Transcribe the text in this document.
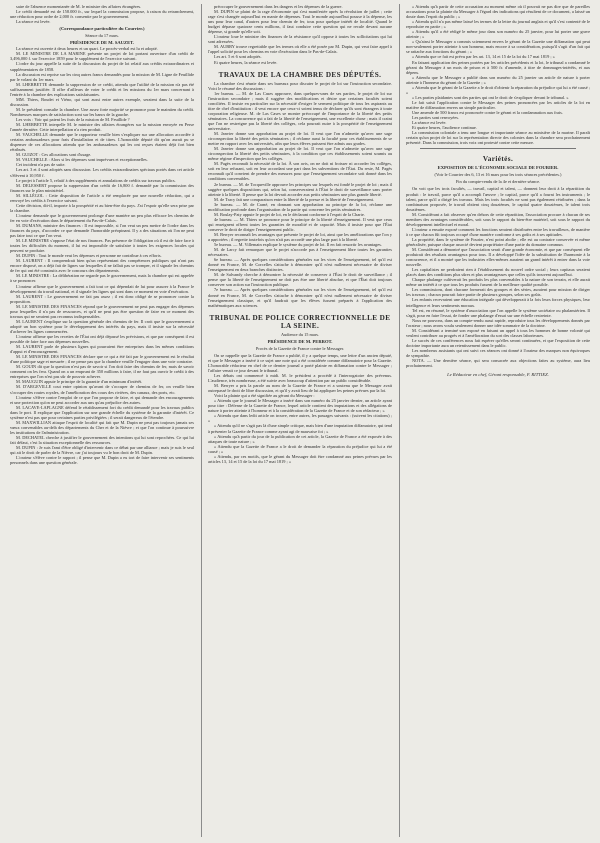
saire de l'absence momentanée de M. le ministre des affaires étrangères.

Le crédit demandé est de 158.000 fr., sur lequel la commission propose, à raison du retranchement, une réduction pour ordre de 2,000 fr. consentie par le gouvernement.

La séance est levée.

(Correspondance particulière du Courrier.)

Séance du 17 mars.

PRÉSIDENCE DE M. SAUZET.

La séance est ouverte à deux heures et un quart. Le procès-verbal est lu et adopté.

M. LE MINISTRE DE LA MARINE présente un projet de loi portant ouverture d'un crédit de 3,496,000 f. sur l'exercice 1859 pour le supplément de l'exercice suivant.

L'ordre du jour appelle la suite de la discussion du projet de loi relatif aux crédits extraordinaires et supplémentaires de 1858.

La discussion est reprise sur les cinq autres francs demandés pour la mission de M. Ligne de Feuillide par le volant du 1er mars.

M. LHERBETTE demande la suppression de ce crédit, attendu que l'utilité de la mission n'a pas été suffisamment justifiée. Il offre d'ailleurs de voter le crédit et les missions du 1er mars concernant à l'entrée à la chambre des explications satisfaisantes.

MM. Thiers, Boudet et Viéno, qui sont aussi entre autres exemple, seraient dans la suite de la discussion.

M. le président consulte la chambre. Une assez forte majorité se prononce pour le maintien du crédit. Nombreuses marques de satisfaction sont sur les bancs de la gauche.

Les voix : Voir qui paient les frais de la mission de M. Feuillide ?

M. LHERBETTE interpelle M. le ministre des affaires étrangères sur la mission envoyée en Perse l'année dernière. Cette interpellation n'a rien produit.

M. VAUCHELLE demande que le rapporteur veuille bien s'expliquer sur une allocation accordée à certains ambassadeurs pour frais d'installation et de titres. L'honorable député dit qu'on aurait pu se dispenser de ces allocations attendu que les ambassadeurs qui les ont reçues étaient déjà fort bien rétribués.

M. GUIZOT : Ces allocations sont d'usage.

M. VAUCHELLE : Alors si les dépenses sont imprévues et exceptionnelles.

Cet incident n'a pas de suite.

Les art. 3 et 4 sont adoptés sans discussion. Les crédits extraordinaires spéciaux portés dans cet article s'élèvent à 10,950 f.

Le projet à l'article 5, relatif à des suppléments et annulations de crédits sur travaux publics.

M. DELESSERT propose la suppression d'un crédit de 16,800 f. demandé par la commission des finances sur le plan ministériel.

M. SILLÉGOL : Cette disposition de l'article a été remplacée par une nouvelle rédaction, qui a renvoyé les crédits à l'exercice suivant.

Cette décision, dit-il, importe à la prospérité et au bien-être du pays. J'ai l'espoir qu'elle sera prise par la chambre.

L'orateur demande que le gouvernement prolonge d'une manière un peu plus efficace les chemins de fer en voie d'exécution dans le département du Pas-de-Calais.

M. DUMANS, ministre des finances : Il est impossible, si l'on veut un peu mettre de l'ordre dans les finances du pays, d'accorder ce que demande l'honorable préopinant. Il y a des situations où l'on ne peut pas faire tout ce que l'on veut.

M. LE MINISTRE s'oppose l'état de nos finances. Pas présence de l'obligation où il est de faire face à toutes les difficultés du moment, il lui est impossible de satisfaire à toutes les exigences locales qui peuvent se produire.

M. DUPIN : Tout le monde veut les dépenses et personne ne contribue à ces efforts.

M. LAURENT : Il comprendrait bien qu'un représentant des compétences publiques qui n'ont pas encore disposé, on a déjà fait de lignes sur lesquelles il ne fallait pas se tromper, et il signale les chemins de fer qui ont été construits avec le concours des départements.

M. LE MINISTRE : La délibération ne regarde pas le gouvernement, mais la chambre qui est appelée à se prononcer.

L'orateur affirme que le gouvernement a fait tout ce qui dépendait de lui pour assurer à la France le développement du travail national, et il signale les lignes qui sont dans ce moment en voie d'exécution.

M. LAURENT : Le gouvernement ne fait pas assez ; il est donc obligé de se prononcer contre la proposition.

M. LE MINISTRE DES FINANCES répond que le gouvernement ne peut pas engager des dépenses pour lesquelles il n'a pas de ressources, et qu'il ne peut pas être question de faire en ce moment des travaux qui ne seraient pas reconnus indispensables.

M. LAURENT s'explique sur la question générale des chemins de fer. Il croit que le gouvernement a adopté un bon système pour le développement des intérêts du pays, mais il insiste sur la nécessité d'achever les lignes commencées.

L'orateur affirme que les recettes de l'État ont déjà dépassé les prévisions, et que par conséquent il est possible de faire face aux dépenses nouvelles.

M. LAURENT parle de plusieurs lignes qui pourraient être entreprises dans les mêmes conditions d'appui et d'encouragement.

M. LE MINISTRE DES FINANCES déclare que ce qui a été fait par le gouvernement est le résultat d'une politique sage et mesurée ; il ne pense pas que la chambre veuille l'engager dans une voie contraire.

M. GOUIN dit que la question n'est pas de savoir si l'on doit faire des chemins de fer, mais de savoir comment on les fera. Quand on a un emprunt de 350 millions à faire, il ne faut pas ouvrir le crédit à des entreprises que l'on n'est pas sûr de pouvoir achever.

M. MAUGUIN appuie le principe de la garantie d'un minimum d'intérêt.

M. D'ARGEVILLE cout entre opinion qu'avant de s'occuper de chemins de fer, on veuille bien s'occuper des routes royales, de l'amélioration des cours des rivières, des canaux, des ports, etc.

L'orateur s'élève contre l'emploi de ce que l'on propose de faire, et qui demande des encouragements et une protection qu'on ne peut accorder aux uns qu'au préjudice des autres.

M. LACAVE-LAPLAGNE défend le rétablissement fort du crédit demandé pour les travaux publics dans le port. Il explique que l'application sur une grande échelle du système de la garantie d'intérêt. Ce système n'est pas que pour certaines parties privilégiées ; il serait dangereux de l'étendre.

M. MAXWILLIAN attaque l'esprit de localité qui fait que M. Dupin ne peut pas toujours jamais ses vœux convenables au-delà des départements du Cher et de la Nièvre ; et que l'on continue à poursuivre les institutions de l'administration.

M. DECHATEL cherche à justifier le gouvernement des intentions qui lui sont reprochées. Ce qui lui fait défaut, c'est la situation exceptionnelle des ressources.

M. DUPIN : Je suis l'ami d'être obligé d'intervenir dans ce débat par une alliance ; mais je suis le seul qui ait le droit de parler de la Nièvre, car j'ai toujours vu le bon droit de M. Dupin.

L'orateur s'élève contre le rapport ; il pense que M. Dupin a eu tort de faire intervenir ses sentiments personnels dans une question générale.

préoccuper le gouvernement dans les dangers et les dépenses de la guerre.

M. DUPIN se plaint de la rage d'économie qui s'est manifestée après la révolution de juillet ; cette rage s'est changée aujourd'hui en manie de dépenses. Tout le monde aujourd'hui pousse à la dépense, les uns pour leur canal, d'autres pour leur chemin de fer, tous pour quelque intérêt de localité. Quand le budget dépasse quatorze cents millions, il faut conduire cette question qui ne recule devant aucune dépense, si grande qu'elle soit.

L'orateur loue le ministre des finances de la résistance qu'il oppose à toutes les sollicitations qui lui sont adressées.

M. AUBRY trouve regrettable que les termes où elle a été posée par M. Dupin, qui veut faire appel à l'appel solicité pour les chemins en voie d'exécution dans le Pas-de-Calais.

Les art. 5 et 6 sont adoptés.

Et quatre heures, la séance est levée.

TRAVAUX DE LA CHAMBRE DES DÉPUTÉS.

La chambre s'est réunie dans ses bureaux pour discuter le projet de loi sur l'instruction secondaire. Voici le résumé des discussions :

1er bureau. — M. de Las Cases approuve, dans quelques-unes de ses parties, le projet de loi sur l'instruction secondaire ; mais il suggère des modifications et désire que certaines facultés soient conciliées. Il insiste en particulier sur la nécessité d'exiger le serment politique de tous les aspirants au titre de chef d'institution : il veut encore que ceux-ci soient tenus de déclarer qu'ils sont étrangers à toute corporation religieuse. M. de Las Cases se montre préoccupé de l'importance de la liberté des petits séminaires. La concurrence qui a fait de la liberté de l'enseignement, une excellente chose ; mais il craint que l'on ne restreigne pas la liberté des collèges, cela pourrait nuire à la prospérité de l'enseignement universitaire.

M. Janvier donne son approbation au projet de loi. Il veut que l'on n'admette qu'avec une sage circonspection la liberté des petits séminaires ; il réclame aussi la faculté pour ces établissements de se mettre en rapport avec les universités, afin que leurs élèves puissent être admis aux grades.

M. Janvier donne son approbation au projet de loi. Il veut que l'on n'admette qu'avec une sage circonspection la liberté des petits séminaires, à la condition que ces établissements soient soumis au même régime d'inspection que les collèges.

M. Pagès reconnaît la nécessité de la loi. À son avis, on ne doit ni froisser ni accorder les collèges, soit en leur refusant, soit en leur accordant une part dans les subventions de l'État. Du reste, M. Pagès reconnaît qu'il convient de prendre des mesures pour que l'enseignement secondaire soit donné dans les conditions convenables.

2e bureau. — M. de Tocqueville approuve les principes sur lesquels est fondé le projet de loi ; mais il suggère quelques dispositions qui, selon lui, conserveraient à l'État le droit de surveillance sans porter atteinte à la liberté. Il pense que la loi devrait accorder aux petits séminaires une plus grande liberté.

M. de Tracy fait une comparaison entre la liberté de la presse et la liberté de l'enseignement.

3e bureau. — M. de Carné, en donnant son approbation au principe de la loi, réclame une modification profonde dans l'organisation de la partie qui concerne les petits séminaires.

M. Boulay-Paty appuie le projet de loi, en le déclarant conforme à l'esprit de la Charte.

4e bureau. — M. Thiers se prononce pour le principe de la liberté d'enseignement. Il veut que ceux qui enseignent offrent toutes les garanties de moralité et de capacité. Mais il insiste pour que l'État conserve le droit de diriger l'enseignement public.

M. Berryer reconnaît les avantages que présente le projet de loi, ainsi que les améliorations que l'on y a apportées ; il regrette toutefois qu'on n'ait pas accordé une plus large part à la liberté.

5e bureau. — M. Villemain explique le système du projet de loi. Il en fait ressortir les avantages.

M. de Larcy fait remarquer que le projet n'accorde pas à l'enseignement libre toutes les garanties nécessaires.

6e bureau. — Après quelques considérations générales sur les vices de l'enseignement, tel qu'il est donné en France, M. de Corcelles s'attache à démontrer qu'il n'est nullement nécessaire de diviser l'enseignement en deux branches distinctes.

M. de Salvandy cherche à démontrer la nécessité de conserver à l'État le droit de surveillance ; il pense que la liberté de l'enseignement ne doit pas être une liberté absolue, et que l'État doit toujours conserver son action sur l'instruction publique.

7e bureau. — Après quelques considérations générales sur les vices de l'enseignement, tel qu'il est donné en France, M. de Corcelles s'attache à démontrer qu'il n'est nullement nécessaire de diviser l'enseignement classique, et qu'il faudrait que les élèves fussent préparés à l'application des mathématiques aux sciences.

TRIBUNAL DE POLICE CORRECTIONNELLE DE LA SEINE.

Audience du 15 mars.

PRÉSIDENCE DE M. PERROT.

Procès de la Gazette de France contre le Messager.

On se rappelle que la Gazette de France a publié, il y a quelque temps, une lettre d'un ancien député, et que le Messager a inséré à ce sujet une note qui a été considérée comme diffamatoire pour la Gazette. L'honorable rédacteur en chef de ce dernier journal a porté plainte en diffamation contre le Messager ; l'affaire venait ce jour devant le tribunal.

Les débats ont commencé à midi. M. le président a procédé à l'interrogatoire des prévenus. L'audience, très nombreuse, a été suivie avec beaucoup d'attention par un public considérable.

M. Berryer a pris la parole au nom de la Gazette de France et a soutenu que le Messager avait outrepassé le droit de libre discussion, et qu'il y avait lieu de lui appliquer les peines prévues par la loi.

Voici la plainte qui a été signifiée au gérant du Messager :

« Attendu que le journal le Messager a inséré dans son numéro du 25 janvier dernier, un article ayant pour titre : Défense de la Gazette de France, lequel article contient des imputations et des allégations de nature à porter atteinte à l'honneur et à la considération de la Gazette de France et de son rédacteur ; »

« Attendu que dans ledit article on trouve, entre autres, les passages suivants : (suivent les citations) ; »

« Attendu qu'il ne s'agit pas là d'une simple critique, mais bien d'une imputation diffamatoire, qui tend à présenter la Gazette de France comme ayant agi de mauvaise foi ; »

« Attendu qu'à partir du jour de la publication de cet article, la Gazette de France a été exposée à des attaques de toute nature ; »

« Attendu que la Gazette de France a le droit de demander la réparation du préjudice qui lui a été causé ; »

« Attendu, par ces motifs, que le gérant du Messager doit être condamné aux peines prévues par les articles 13, 14 et 15 de la loi du 17 mai 1819 ; »

« Attendu qu'à partir de cette accusation au moment même où il pouvait ne pas dire que de pareilles accusations pour la plainte du Messager à l'égard des indications qui résultent de ce document, a laissé un doute dans l'esprit du public ; »

« Attendu qu'il n'a pas même laissé les termes de la lettre du journal anglais et qu'il s'est contenté de le reproduire en partie ; »

« Attendu qu'il a été rédigé le même jour dans son numéro du 25 janvier, pour lui porter une grave atteinte ; »

« Qu'ainsi le Messager a commis sciemment envers le gérant de la Gazette une diffamation qui peut non-seulement porter atteinte à son honneur, mais encore à sa considération, puisqu'il s'agit d'un fait qui se rattache aux fonctions du gérant ; »

« Attendu que ce fait est prévu par les art. 13, 14 et 15 de la loi du 17 mai 1819 ; »

En faisant application des peines portées par les articles précédents et la loi, le tribunal a condamné le gérant du Messager à un mois de prison et à 500 fr. d'amende, à titre de dommages-intérêts, et aux dépens.

« Attendu que le Messager a publié dans son numéro du 25 janvier un article de nature à porter atteinte à l'honneur du gérant de la Gazette ; »

« Attendu que le gérant de la Gazette a le droit d'obtenir la réparation du préjudice qui lui a été causé ; »

« Les parties plaidantes sont des parties qui ont le droit de s'expliquer devant le tribunal. »

Le fait saisit l'application contre le Messager des peines prononcées par les articles de la loi en matière de diffamation envers un simple particulier.

Une amende de 500 francs est prononcée contre le gérant et la condamnation aux frais.

Les parties sont renvoyées.

La séance est levée.

Et quatre heures, l'audience continue.

La commission coloniale a tenu une longue et importante séance au ministère de la marine. Il paraît certain qu'un projet de loi sur la représentation directe des colonies dans la chambre sera prochainement présenté. Dans la commission, trois voix ont protesté contre cette mesure.

Variétés.

EXPOSITION DE L'ÉCONOMIE SOCIALE DE FOURIER.

(Voir le Courrier des 6, 13 et 16 mars pour les trois séances précédentes.)

Fin du compte-rendu de la 4e et dernière séance.

On voit que les trois facultés, — travail, capital et talent, — donnent leur droit à la répartition du produit : le travail, parce qu'il a accompli l'œuvre ; le capital, parce qu'il a fourni les instruments ; le talent, parce qu'il a dirigé les travaux. Mais les trois facultés ne sont pas également rétribuées ; dans la combinaison proposée, le travail obtient cinq douzièmes, le capital quatre douzièmes, le talent trois douzièmes.

M. Considérant a fait observer qu'en dehors de cette répartition, l'association procure à chacun de ses membres des avantages considérables, soit sous le rapport du bien-être matériel, soit sous le rapport du développement intellectuel et moral.

L'orateur a ensuite exposé comment les fonctions seraient distribuées entre les travailleurs, de manière à ce que chacun fût toujours occupé d'une manière conforme à ses goûts et à ses aptitudes.

La propriété, dans le système de Fourier, n'est point abolie ; elle est au contraire conservée et même généralisée, puisque chaque associé devient propriétaire d'une partie du domaine commun.

M. Considérant a démontré que l'association serait d'une grande économie, et que par conséquent elle produirait des résultats avantageux pour tous. Il a développé l'idée de la substitution de l'harmonie à la concurrence, et il a montré que les industries elles-mêmes auraient un grand intérêt à entrer dans la voie nouvelle.

Les capitalistes ne perdraient rien à l'établissement du nouvel ordre social ; leurs capitaux seraient placés dans des conditions plus sûres et plus avantageuses que celles qu'ils trouvent aujourd'hui.

Chaque phalange cultiverait les produits les plus convenables à la nature de son terrain, et elle aurait même un intérêt à ce que tous les produits fussent de la meilleure qualité possible.

Les commissions, dont chacune formerait des groupes et des séries, auraient pour mission de diriger les travaux ; chacun pourrait faire partie de plusieurs groupes, selon ses goûts.

Les enfants recevraient une éducation intégrale qui développerait à la fois leurs forces physiques, leur intelligence et leurs sentiments moraux.

Tel est, en résumé, le système d'association que l'on appelle le système sociétaire ou phalanstérien. Il s'agit, pour en faire l'essai, de fonder une phalange d'essai sur une échelle restreinte.

Nous ne pouvons, dans un compte-rendu aussi rapide, reproduire tous les développements donnés par l'orateur ; nous avons voulu seulement donner une idée sommaire de la doctrine.

M. Considérant a terminé son exposé en faisant un appel à tous les hommes de bonne volonté qui veulent contribuer au progrès et à l'amélioration du sort des classes laborieuses.

Le succès de ces conférences nous fait espérer qu'elles seront continuées, et que l'exposition de cette doctrine importante aura un retentissement dans le public.

Les nombreux assistants qui ont suivi ces séances ont donné à l'orateur des marques non équivoques de sympathie.

NOTA. — Une dernière séance, qui sera consacrée aux objections faites au système, aura lieu prochainement.

Le Rédacteur en chef, Gérant responsable, F. RITTIEZ.
